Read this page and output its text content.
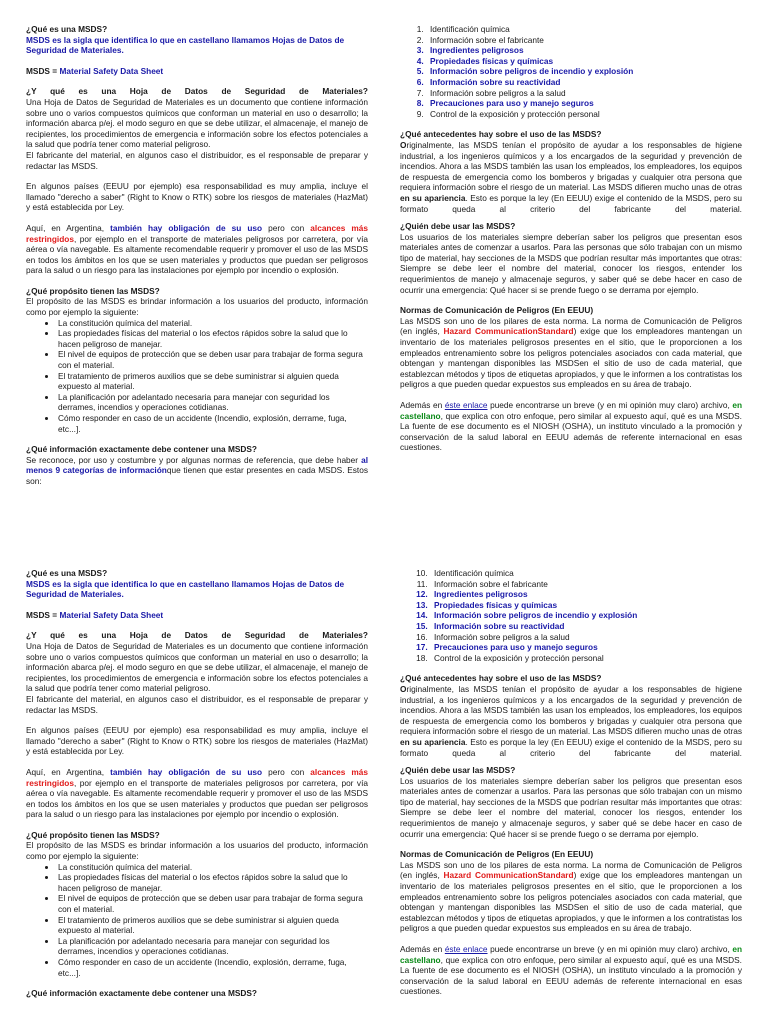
¿Qué es una MSDS?

MSDS es la sigla que identifica lo que en castellano llamamos Hojas de Datos de Seguridad de Materiales.

MSDS = Material Safety Data Sheet

¿Y qué es una Hoja de Datos de Seguridad de Materiales?

Una Hoja de Datos de Seguridad de Materiales es un documento que contiene información sobre uno o varios compuestos químicos que conforman un material en uso o desarrollo; la información abarca p/ej. el modo seguro en que se debe utilizar, el almacenaje, el manejo de recipientes, los procedimientos de emergencia e información sobre los efectos potenciales a la salud que podría tener como material peligroso.

El fabricante del material, en algunos caso el distribuidor, es el responsable de preparar y redactar las MSDS.

En algunos países (EEUU por ejemplo) esa responsabilidad es muy amplia, incluye el llamado "derecho a saber" (Right to Know o RTK) sobre los riesgos de materiales (HazMat) y está establecida por Ley.

Aquí, en Argentina, también hay obligación de su uso pero con alcances más restringidos, por ejemplo en el transporte de materiales peligrosos por carretera, por vía aérea o vía navegable. Es altamente recomendable requerir y promover el uso de las MSDS en todos los ámbitos en los que se usen materiales y productos que puedan ser peligrosos para la salud o un riesgo para las instalaciones por ejemplo por incendio o explosión.

¿Qué propósito tienen las MSDS?

El propósito de las MSDS es brindar información a los usuarios del producto, información como por ejemplo la siguiente:

• La constitución química del material.
• Las propiedades físicas del material o los efectos rápidos sobre la salud que lo hacen peligroso de manejar.
• El nivel de equipos de protección que se deben usar para trabajar de forma segura con el material.
• El tratamiento de primeros auxilios que se debe suministrar si alguien queda expuesto al material.
• La planificación por adelantado necesaria para manejar con seguridad los derrames, incendios y operaciones cotidianas.
• Cómo responder en caso de un accidente (Incendio, explosión, derrame, fuga, etc...].

¿Qué información exactamente debe contener una MSDS?

Se reconoce, por uso y costumbre y por algunas normas de referencia, que debe haber al menos 9 categorías de informaciónque tienen que estar presentes en cada MSDS. Estos son:

1. Identificación química
2. Información sobre el fabricante
3. Ingredientes peligrosos
4. Propiedades físicas y químicas
5. Información sobre peligros de incendio y explosión
6. Información sobre su reactividad
7. Información sobre peligros a la salud
8. Precauciones para uso y manejo seguros
9. Control de la exposición y protección personal

¿Qué antecedentes hay sobre el uso de las MSDS?

Originalmente, las MSDS tenían el propósito de ayudar a los responsables de higiene industrial, a los ingenieros químicos y a los encargados de la seguridad y prevención de incendios. Ahora a las MSDS también las usan los empleados, los empleadores, los equipos de respuesta de emergencia como los bomberos y brigadas y cualquier otra persona que requiera información sobre el riesgo de un material. Las MSDS difieren mucho unas de otras en su apariencia. Esto es porque la ley (En EEUU) exige el contenido de la MSDS, pero su formato queda al criterio del fabricante del material.

¿Quién debe usar las MSDS?

Los usuarios de los materiales siempre deberían saber los peligros que presentan esos materiales antes de comenzar a usarlos. Para las personas que sólo trabajan con un mismo tipo de material, hay secciones de la MSDS que podrían resultar más importantes que otras: Siempre se debe leer el nombre del material, conocer los riesgos, entender los requerimientos de manejo y almacenaje seguros, y saber qué se debe hacer en caso de ocurrir una emergencia: Qué hacer si se prende fuego o se derrama por ejemplo.

Normas de Comunicación de Peligros (En EEUU)

Las MSDS son uno de los pilares de esta norma. La norma de Comunicación de Peligros (en inglés, Hazard CommunicationStandard) exige que los empleadores mantengan un inventario de los materiales peligrosos presentes en el sitio, que le proporcionen a los empleados entrenamiento sobre los peligros potenciales asociados con cada material, que obtengan y mantengan disponibles las MSDSen el sitio de uso de cada material, que establezcan métodos y tipos de etiquetas apropiados, y que le informen a los contratistas los peligros a que pueden quedar expuestos sus empleados en su área de trabajo.

Además en éste enlace puede encontrarse un breve (y en mi opinión muy claro) archivo, en castellano, que explica con otro enfoque, pero similar al expuesto aquí, qué es una MSDS. La fuente de ese documento es el NIOSH (OSHA), un instituto vinculado a la promoción y conservación de la salud laboral en EEUU además de referente internacional en esas cuestiones.

¿Qué es una MSDS?

MSDS es la sigla que identifica lo que en castellano llamamos Hojas de Datos de Seguridad de Materiales.

MSDS = Material Safety Data Sheet

¿Y qué es una Hoja de Datos de Seguridad de Materiales?

Una Hoja de Datos de Seguridad de Materiales es un documento que contiene información sobre uno o varios compuestos químicos que conforman un material en uso o desarrollo; la información abarca p/ej. el modo seguro en que se debe utilizar, el almacenaje, el manejo de recipientes, los procedimientos de emergencia e información sobre los efectos potenciales a la salud que podría tener como material peligroso.

El fabricante del material, en algunos caso el distribuidor, es el responsable de preparar y redactar las MSDS.

En algunos países (EEUU por ejemplo) esa responsabilidad es muy amplia, incluye el llamado "derecho a saber" (Right to Know o RTK) sobre los riesgos de materiales (HazMat) y está establecida por Ley.

Aquí, en Argentina, también hay obligación de su uso pero con alcances más restringidos, por ejemplo en el transporte de materiales peligrosos por carretera, por vía aérea o vía navegable. Es altamente recomendable requerir y promover el uso de las MSDS en todos los ámbitos en los que se usen materiales y productos que puedan ser peligrosos para la salud o un riesgo para las instalaciones por ejemplo por incendio o explosión.

¿Qué propósito tienen las MSDS?

El propósito de las MSDS es brindar información a los usuarios del producto, información como por ejemplo la siguiente:

• La constitución química del material.
• Las propiedades físicas del material o los efectos rápidos sobre la salud que lo hacen peligroso de manejar.
• El nivel de equipos de protección que se deben usar para trabajar de forma segura con el material.
• El tratamiento de primeros auxilios que se debe suministrar si alguien queda expuesto al material.
• La planificación por adelantado necesaria para manejar con seguridad los derrames, incendios y operaciones cotidianas.
• Cómo responder en caso de un accidente (Incendio, explosión, derrame, fuga, etc...].

¿Qué información exactamente debe contener una MSDS?

10. Identificación química
11. Información sobre el fabricante
12. Ingredientes peligrosos
13. Propiedades físicas y químicas
14. Información sobre peligros de incendio y explosión
15. Información sobre su reactividad
16. Información sobre peligros a la salud
17. Precauciones para uso y manejo seguros
18. Control de la exposición y protección personal

¿Qué antecedentes hay sobre el uso de las MSDS?

Originalmente, las MSDS tenían el propósito de ayudar a los responsables de higiene industrial, a los ingenieros químicos y a los encargados de la seguridad y prevención de incendios. Ahora a las MSDS también las usan los empleados, los empleadores, los equipos de respuesta de emergencia como los bomberos y brigadas y cualquier otra persona que requiera información sobre el riesgo de un material. Las MSDS difieren mucho unas de otras en su apariencia. Esto es porque la ley (En EEUU) exige el contenido de la MSDS, pero su formato queda al criterio del fabricante del material.

¿Quién debe usar las MSDS?

Los usuarios de los materiales siempre deberían saber los peligros que presentan esos materiales antes de comenzar a usarlos. Para las personas que sólo trabajan con un mismo tipo de material, hay secciones de la MSDS que podrían resultar más importantes que otras: Siempre se debe leer el nombre del material, conocer los riesgos, entender los requerimientos de manejo y almacenaje seguros, y saber qué se debe hacer en caso de ocurrir una emergencia: Qué hacer si se prende fuego o se derrama por ejemplo.

Normas de Comunicación de Peligros (En EEUU)

Las MSDS son uno de los pilares de esta norma. La norma de Comunicación de Peligros (en inglés, Hazard CommunicationStandard) exige que los empleadores mantengan un inventario de los materiales peligrosos presentes en el sitio, que le proporcionen a los empleados entrenamiento sobre los peligros potenciales asociados con cada material, que obtengan y mantengan disponibles las MSDSen el sitio de uso de cada material, que establezcan métodos y tipos de etiquetas apropiados, y que le informen a los contratistas los peligros a que pueden quedar expuestos sus empleados en su área de trabajo.

Además en éste enlace puede encontrarse un breve (y en mi opinión muy claro) archivo, en castellano, que explica con otro enfoque, pero similar al expuesto aquí, qué es una MSDS. La fuente de ese documento es el NIOSH (OSHA), un instituto vinculado a la promoción y conservación de la salud laboral en EEUU además de referente internacional en esas cuestiones.
